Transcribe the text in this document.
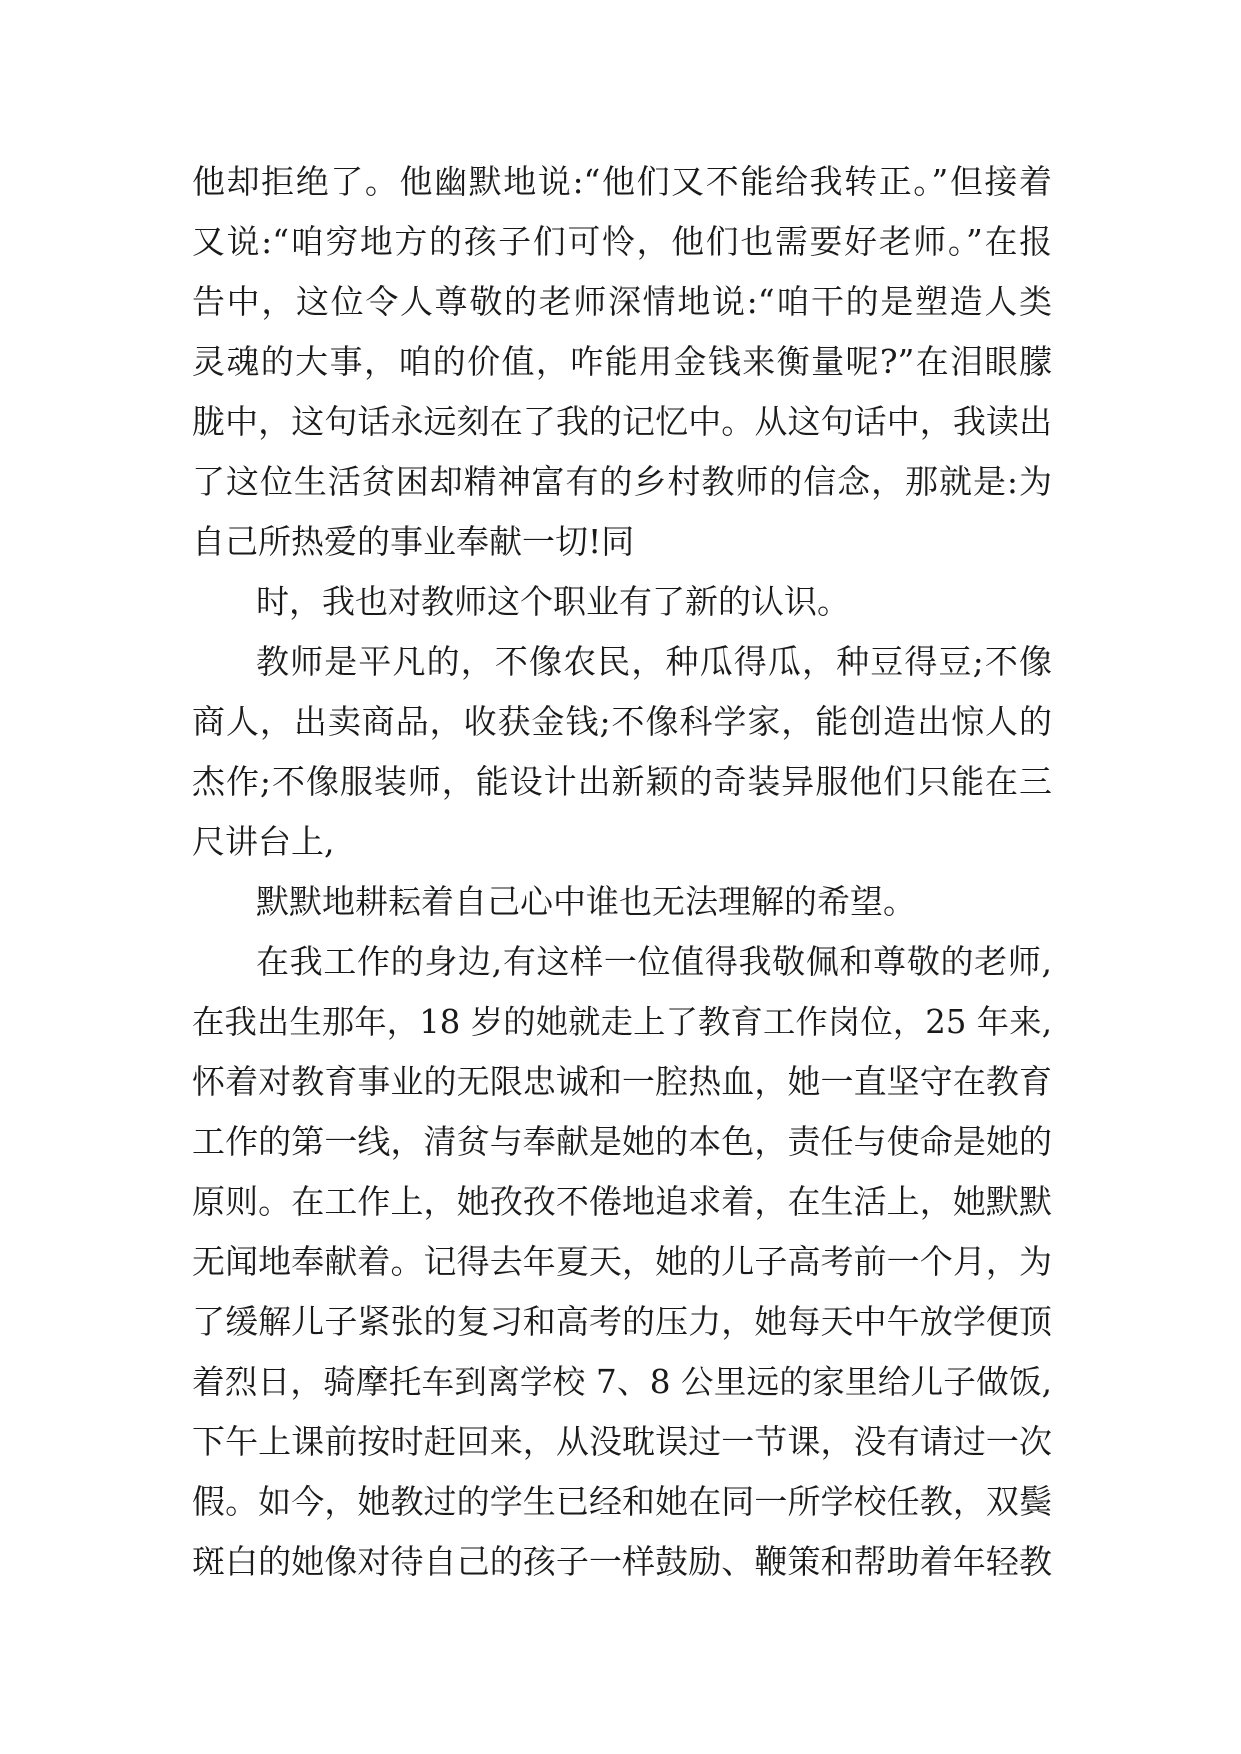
他却拒绝了。他幽默地说:“他们又不能给我转正。”但接着
又说:“咱穷地方的孩子们可怜，他们也需要好老师。”在报
告中，这位令人尊敬的老师深情地说:“咱干的是塑造人类
灵魂的大事，咱的价值，咋能用金钱来衡量呢?”在泪眼朦
胧中，这句话永远刻在了我的记忆中。从这句话中，我读出
了这位生活贫困却精神富有的乡村教师的信念，那就是:为
自己所热爱的事业奉献一切!同
时，我也对教师这个职业有了新的认识。
教师是平凡的，不像农民，种瓜得瓜，种豆得豆;不像
商人，出卖商品，收获金钱;不像科学家，能创造出惊人的
杰作;不像服装师，能设计出新颖的奇装异服他们只能在三
尺讲台上,
默默地耕耘着自己心中谁也无法理解的希望。
在我工作的身边,有这样一位值得我敬佩和尊敬的老师,
在我出生那年，18 岁的她就走上了教育工作岗位，25 年来,
怀着对教育事业的无限忠诚和一腔热血，她一直坚守在教育
工作的第一线，清贫与奉献是她的本色，责任与使命是她的
原则。在工作上，她孜孜不倦地追求着，在生活上，她默默
无闻地奉献着。记得去年夏天，她的儿子高考前一个月，为
了缓解儿子紧张的复习和高考的压力，她每天中午放学便顶
着烈日，骑摩托车到离学校 7、8 公里远的家里给儿子做饭,
下午上课前按时赶回来，从没耽误过一节课，没有请过一次
假。如今，她教过的学生已经和她在同一所学校任教，双鬓
斑白的她像对待自己的孩子一样鼓励、鞭策和帮助着年轻教
